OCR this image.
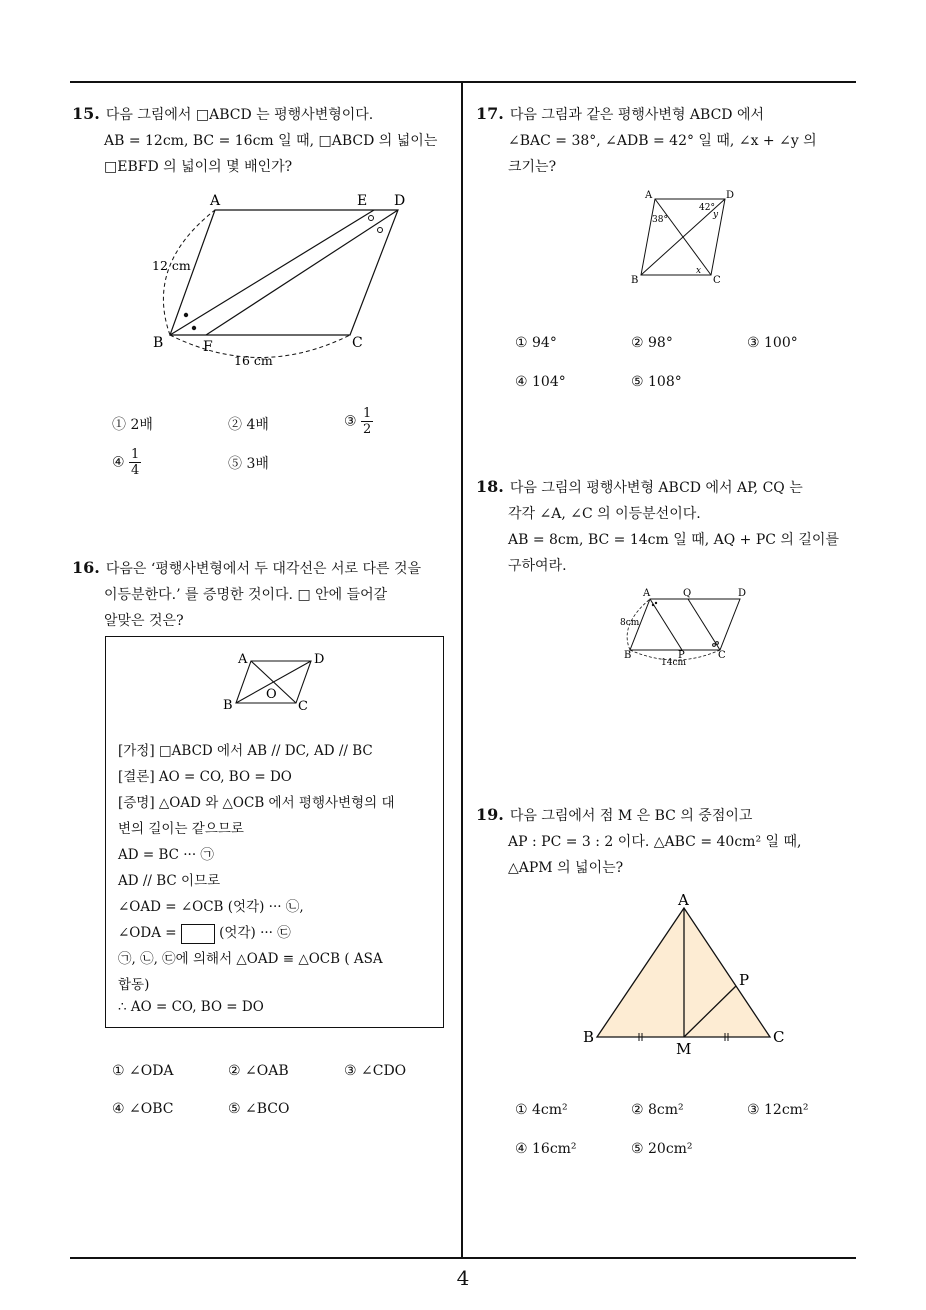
15. 다음 그림에서 □ABCD 는 평행사변형이다.
AB = 12cm, BC = 16cm 일 때, □ABCD 의 넓이는
□EBFD 의 넓이의 몇 배인가?
A	E D
B	F	C
12 cm
16 cm
① 2배	② 4배	③ $\frac{1}{2}$
④ $\frac{1}{4}$	⑤ 3배
16. 다음은 ‘평행사변형에서 두 대각선은 서로 다른 것을
이등분한다.’ 를 증명한 것이다. □ 안에 들어갈
알맞은 것은?
A	D
B	C
O
[가정] □ABCD 에서 AB // DC, AD // BC
[결론] AO = CO, BO = DO
[증명] △OAD 와 △OCB 에서 평행사변형의 대
변의 길이는 같으므로
AD = BC ··· ㉠
AD // BC 이므로
∠OAD = ∠OCB (엇각) ··· ㉡,
∠ODA =	(엇각) ··· ㉢
㉠, ㉡, ㉢에 의해서 △OAD ≡ △OCB ( ASA
합동)
∴ AO = CO, BO = DO
① ∠ODA	② ∠OAB	③ ∠CDO
④ ∠OBC	⑤ ∠BCO
17. 다음 그림과 같은 평행사변형 ABCD 에서
∠BAC = 38°, ∠ADB = 42° 일 때, ∠x + ∠y 의
크기는?
A	D
B	C
38°
42°
y
x
① 94°	② 98°	③ 100°
④ 104°	⑤ 108°
18. 다음 그림의 평행사변형 ABCD 에서 AP, CQ 는
각각 ∠A, ∠C 의 이등분선이다.
AB = 8cm, BC = 14cm 일 때, AQ + PC 의 길이를
구하여라.
A	Q	D
B	P	C
8cm
14cm
19. 다음 그림에서 점 M 은 BC 의 중점이고
AP : PC = 3 : 2 이다. △ABC = 40cm² 일 때,
△APM 의 넓이는?
A
B	C
M
P
① 4cm²	② 8cm²	③ 12cm²
④ 16cm²	⑤ 20cm²
4
